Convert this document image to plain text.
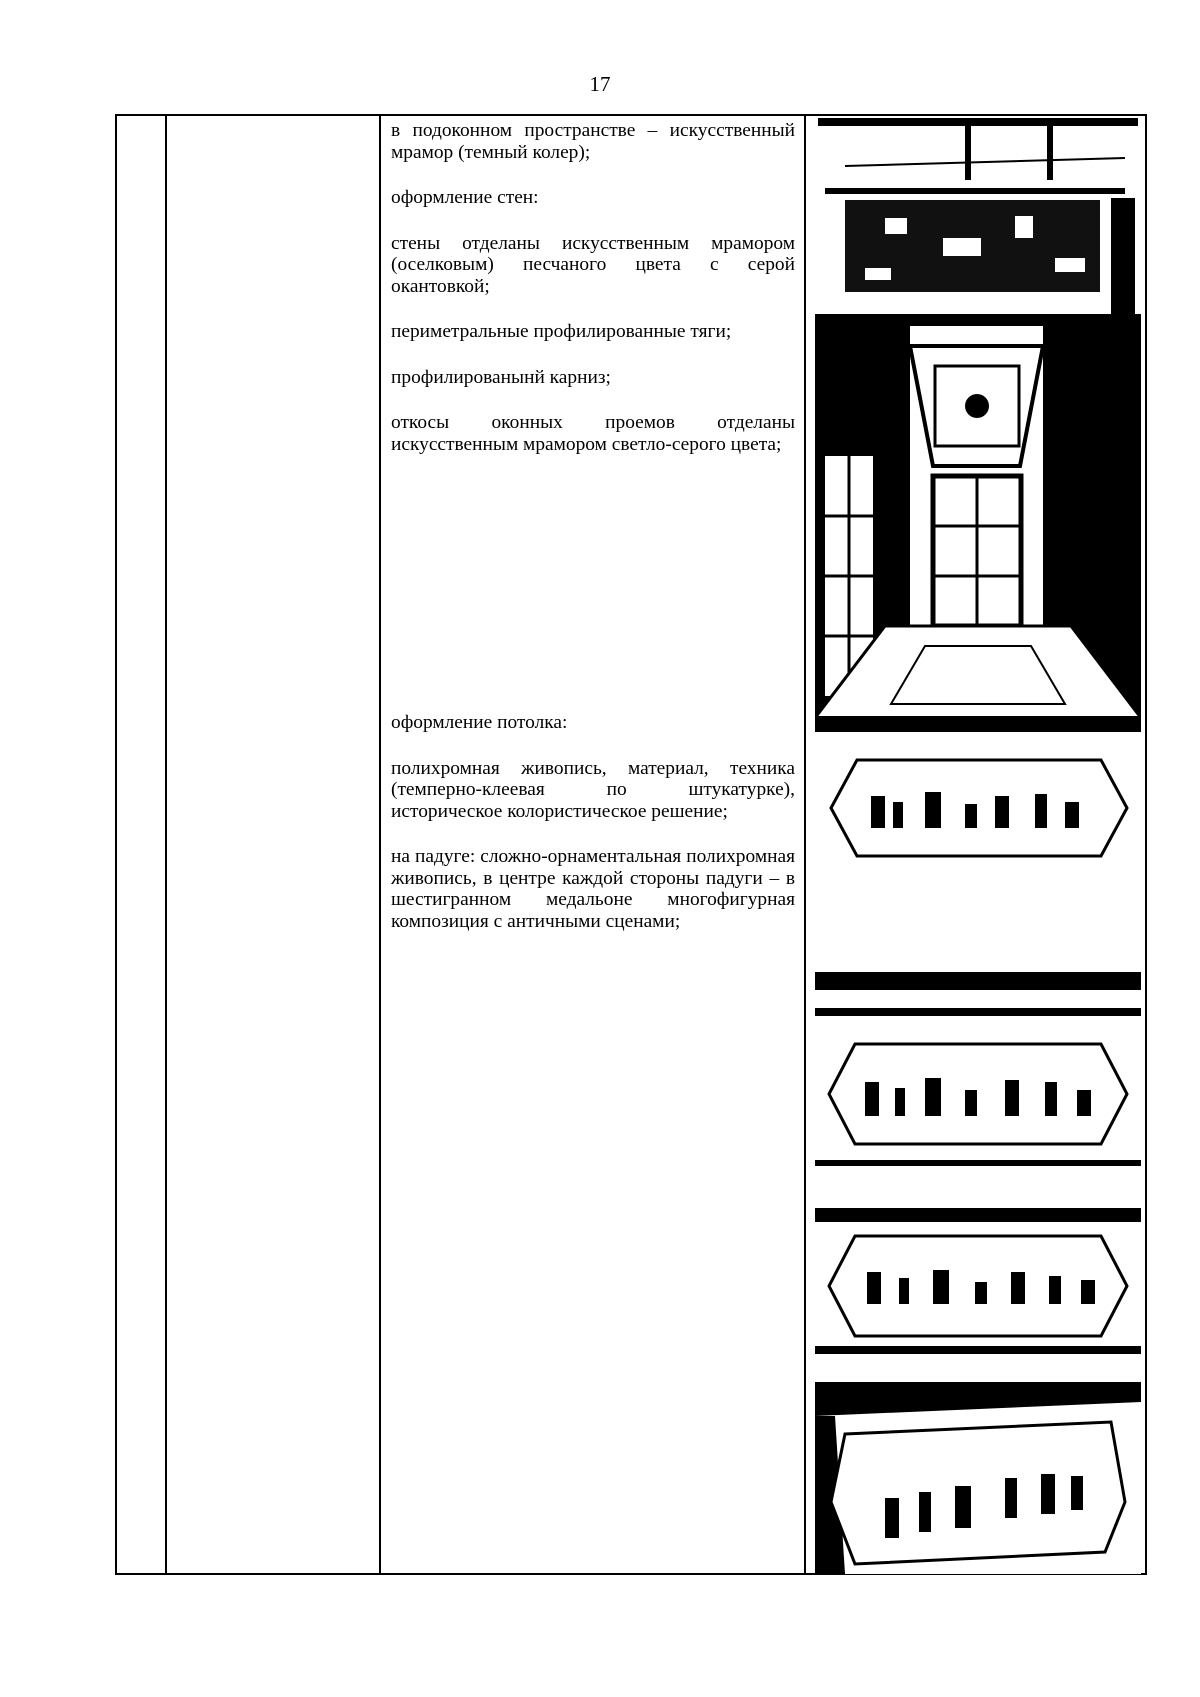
17

в подоконном пространстве – искусственный мрамор (темный колер);

оформление стен:

стены отделаны искусственным мрамором (оселковым) песчаного цвета с серой окантовкой;

периметральные профилированные тяги;

профилированынй карниз;

откосы оконных проемов отделаны искусственным мрамором светло-серого цвета;

оформление потолка:

полихромная живопись, материал, техника (темперно-клеевая по штукатурке), историческое колористическое решение;

на падуге: сложно-орнаментальная полихромная живопись, в центре каждой стороны падуги – в шестигранном медальоне многофигурная композиция с античными сценами;
